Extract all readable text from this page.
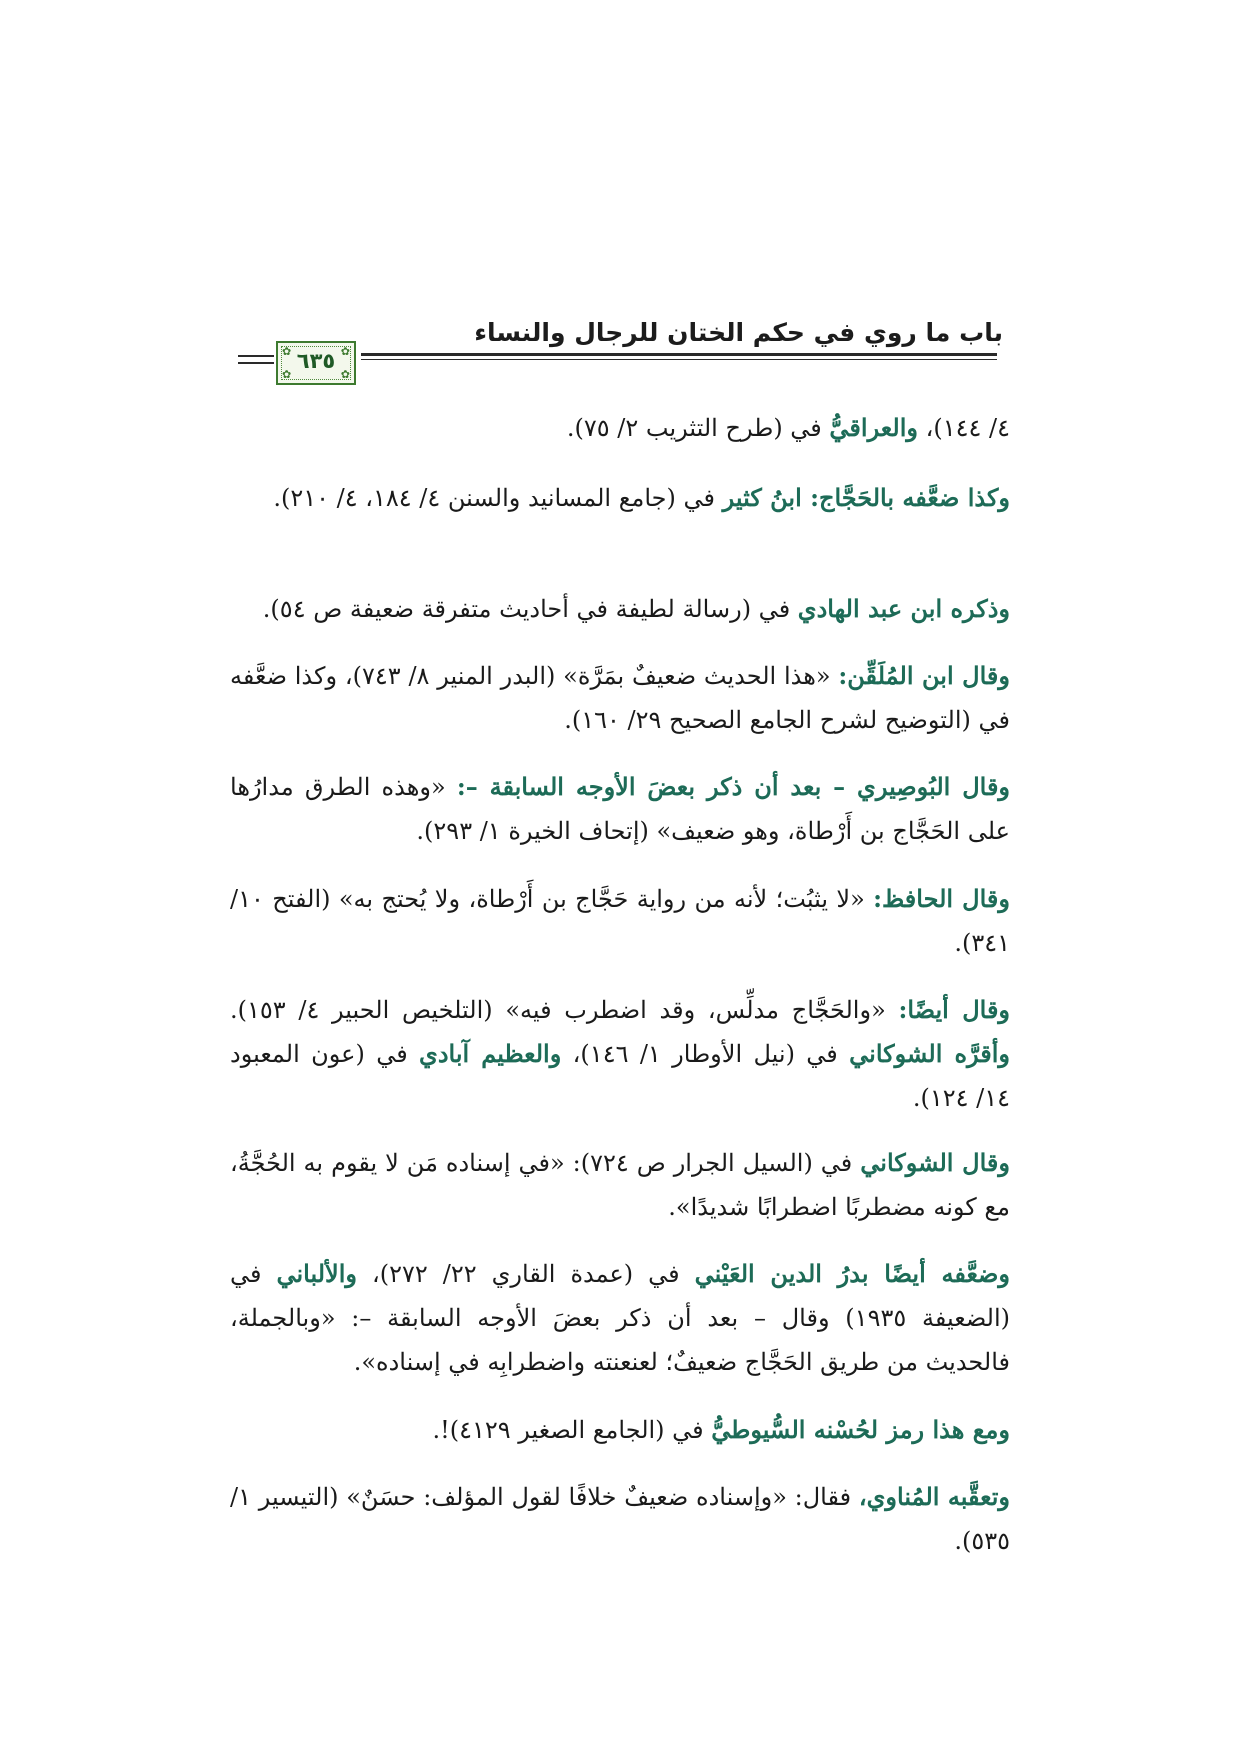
باب ما روي في حكم الختان للرجال والنساء
✿	✿
✿	✿
٦٣٥
٤/ ١٤٤)، والعراقيُّ في (طرح التثريب ٢/ ٧٥).
وكذا ضعَّفه بالحَجَّاج: ابنُ كثير في (جامع المسانيد والسنن ٤/ ١٨٤، ٤/ ٢١٠).
وذكره ابن عبد الهادي في (رسالة لطيفة في أحاديث متفرقة ضعيفة ص ٥٤).
وقال ابن المُلَقِّن: «هذا الحديث ضعيفٌ بمَرَّة» (البدر المنير ٨/ ٧٤٣)، وكذا ضعَّفه في (التوضيح لشرح الجامع الصحيح ٢٩/ ١٦٠).
وقال البُوصِيري – بعد أن ذكر بعضَ الأوجه السابقة –: «وهذه الطرق مدارُها على الحَجَّاج بن أَرْطاة، وهو ضعيف» (إتحاف الخيرة ١/ ٢٩٣).
وقال الحافظ: «لا يثبُت؛ لأنه من رواية حَجَّاج بن أَرْطاة، ولا يُحتج به» (الفتح ١٠/ ٣٤١).
وقال أيضًا: «والحَجَّاج مدلِّس، وقد اضطرب فيه» (التلخيص الحبير ٤/ ١٥٣). وأقرَّه الشوكاني في (نيل الأوطار ١/ ١٤٦)، والعظيم آبادي في (عون المعبود ١٤/ ١٢٤).
وقال الشوكاني في (السيل الجرار ص ٧٢٤): «في إسناده مَن لا يقوم به الحُجَّةُ، مع كونه مضطربًا اضطرابًا شديدًا».
وضعَّفه أيضًا بدرُ الدين العَيْني في (عمدة القاري ٢٢/ ٢٧٢)، والألباني في (الضعيفة ١٩٣٥) وقال – بعد أن ذكر بعضَ الأوجه السابقة –: «وبالجملة، فالحديث من طريق الحَجَّاج ضعيفٌ؛ لعنعنته واضطرابِه في إسناده».
ومع هذا رمز لحُسْنه السُّيوطيُّ في (الجامع الصغير ٤١٢٩)!.
وتعقَّبه المُناوي، فقال: «وإسناده ضعيفٌ خلافًا لقول المؤلف: حسَنٌ» (التيسير ١/ ٥٣٥).
